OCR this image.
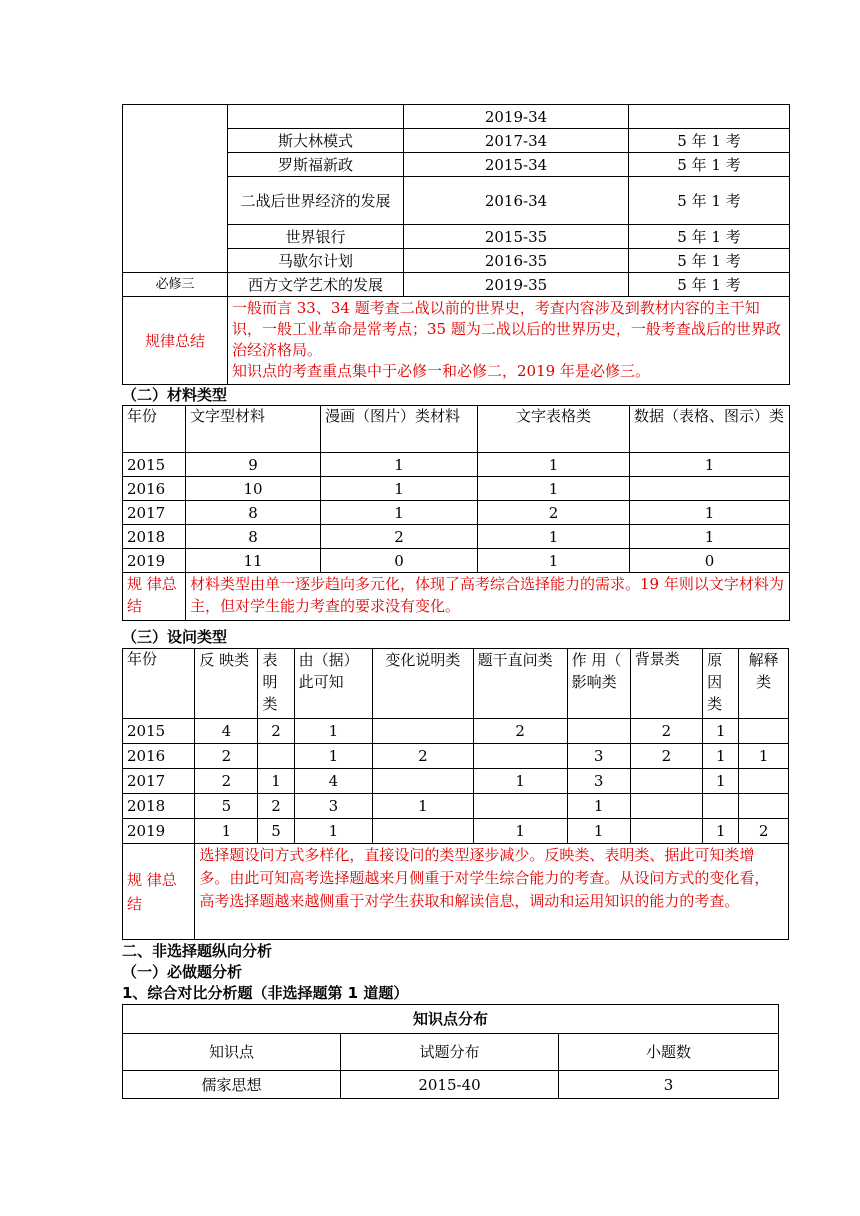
		2019-34	
	斯大林模式	2017-34	5 年 1 考
	罗斯福新政	2015-34	5 年 1 考
	二战后世界经济的发展	2016-34	5 年 1 考
	世界银行	2015-35	5 年 1 考
	马歇尔计划	2016-35	5 年 1 考
必修三	西方文学艺术的发展	2019-35	5 年 1 考
规律总结	一般而言 33、34 题考查二战以前的世界史，考查内容涉及到教材内容的主干知识，一般工业革命是常考点；35 题为二战以后的世界历史，一般考查战后的世界政治经济格局。
知识点的考查重点集中于必修一和必修二，2019 年是必修三。		
（二）材料类型
年份	文字型材料	漫画（图片）类材料	文字表格类	数据（表格、图示）类
2015	9	1	1	1
2016	10	1	1	
2017	8	1	2	1
2018	8	2	1	1
2019	11	0	1	0
规 律总结	材料类型由单一逐步趋向多元化，体现了高考综合选择能力的需求。19 年则以文字材料为主，但对学生能力考查的要求没有变化。			
（三）设问类型
年份	反 映类	表明类	由（据）此可知	变化说明类	题干直问类	作 用（ 影响类	背景类	原因类	解释类
2015	4	2	1		2		2	1	
2016	2		1	2		3	2	1	1
2017	2	1	4		1	3		1	
2018	5	2	3	1		1			
2019	1	5	1		1	1		1	2
规 律总结	选择题设问方式多样化，直接设问的类型逐步减少。反映类、表明类、据此可知类增多。由此可知高考选择题越来月侧重于对学生综合能力的考查。从设问方式的变化看，高考选择题越来越侧重于对学生获取和解读信息，调动和运用知识的能力的考查。								
二、非选择题纵向分析
（一）必做题分析
1、综合对比分析题（非选择题第 1 道题）
知识点分布		
知识点	试题分布	小题数
儒家思想	2015-40	3
